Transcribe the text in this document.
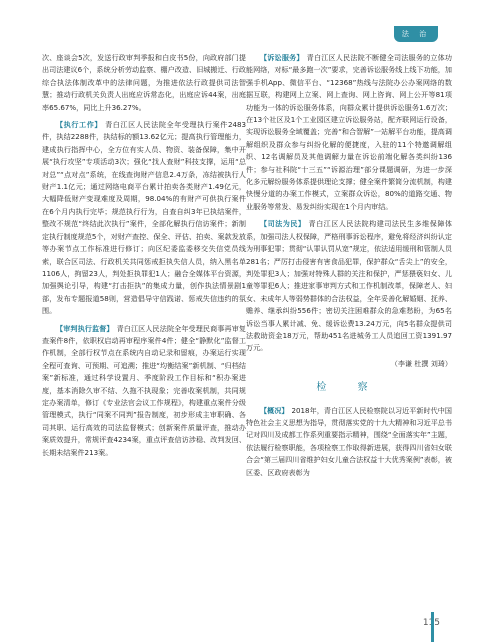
法 治

次、座谈会5次，发送行政审判季报和白皮书5份，向政府部门提出司法建议6个，系统分析劳动监察、棚户改造、旧城搬迁、行政综合执法体制改革中的法律问题，为推进依法行政提供司法智慧；推动行政机关负责人出庭应诉常态化，出庭应诉44案，出庭率65.67%，同比上升36.27%。

【执行工作】 青白江区人民法院全年受理执行案件2483件，执结2288件，执结标的额13.62亿元；提高执行管理能力，建成执行指挥中心，全方位有实人员、物资、装备保障，集中开展“执行攻坚”专项活动3次；强化“找人查财”科技支撑，运用“总对总”“点对点”系统，在线查询财产信息2.4万条，冻结被执行人财产1.1亿元；通过网络电商平台累计拍卖各类财产1.49亿元，大幅降低财产变现难度及周期，98.04%的有财产可供执行案件在6个月内执行完毕；规范执行行为，自查自纠3年已执结案件，整改不规范“终结此次执行”案件，全部化解执行信访案件；新制定执行制度规范5个，对财产查控、保全、评估、拍卖、案款发放等办案节点工作标准进行修订；向区纪委监委移交失信党员线索，联合区司法、行政机关共同惩戒拒执失信人员，纳入黑名单1106人，拘留23人，判处拒执罪犯1人；融合全媒体平台资源，加强舆论引导，构建“打击拒执”的集成力量，创作执法情景剧1部，发布专题报道58则，营造倡导守信践诺、惩戒失信违约的氛围。

【审判执行监督】 青白江区人民法院全年受理民商事再审复查案件8件，依职权启动再审程序案件4件；健全“静默化”监督工作机制，全部行权节点在系统内自动记录和留痕，办案运行实现全程可查询、可预期、可追溯；推进“均衡结案”新机制、“归档结案”新标准，通过科学设置月、季度阶段工作目标和“积办案进度，基本消除久审不结、久拖不执现象；完善收案机制，共同规定办案清单，修订《专业法官会议工作规程》，构建重点案件分级管理模式，执行“同案不同判”报告制度，初步形成主审职确、各司其职、运行高效的司法监督模式；创新案件质量评查，推动办案质效提升，常规评查4234案，重点评查信访涉稳、改判发回、长期未结案件213案。

【诉讼服务】 青白江区人民法院不断健全司法服务的立体功能网络，对标“最多跑一次”要求，完善诉讼服务线上线下功能，加强手机App、微信平台、“12368”热线与法院办公办案网络的数据互联，构建网上立案、网上查询、网上咨询、网上公开等81项功能为一体的诉讼服务体系，向群众累计提供诉讼服务1.6万次；在13个社区及1个工业园区建立诉讼服务站，配齐联网运行设备，实现诉讼服务全域覆盖；完善“和合智解”一站解平台功能，提高调解组织及群众参与纠纷化解的便捷度，入驻的11个特邀调解组织、12名调解员及其他调解力量在诉讼前端化解各类纠纷136件；参与社科院“十三五”“诉源治理”部分课题调研，为进一步深化多元解纷服务体系提供理论支撑；健全案件繁简分流机制，构建快慢分道的办案工作模式，立案群众诉讼，80%的道路交通、物业服务等常发、易发纠纷实现在1个月内审结。

【司法为民】 青白江区人民法院构建司法民生多维保障体系，加强司法人权保障，严格刑事诉讼程序，避免将经济纠纷认定为刑事犯罪；贯彻“认罪认罚从宽”规定，依法适用缓刑和管制人员281名；严厉打击侵害有害食品犯罪，保护群众“舌尖上”的安全，判处罪犯3人；加强对特殊人群的关注和保护，严惩猥亵妇女、儿童等罪犯6人；推进家事审判方式和工作机制改革，保障老人、妇女、未成年人等弱势群体的合法权益，全年妥善化解婚姻、抚养、赡养、继承纠纷556件；密切关注困难群众的急难愁盼，为65名诉讼当事人累计减、免、缓诉讼费13.24万元，向5名群众提供司法救助资金18万元，帮助451名进城务工人员追回工资1391.97万元。

（李谦 杜撰 刘琦）
检 察

【概况】 2018年，青白江区人民检察院以习近平新时代中国特色社会主义思想为指导，贯彻落实党的十九大精神和习近平总书记对四川及成都工作系列重要指示精神，围绕“全面落实年”主题，依法履行检察职能，各项检察工作取得新进展，获得四川省妇女联合会“第三届四川省维护妇女儿童合法权益十大优秀案例”表彰，被区委、区政府表彰为

115
